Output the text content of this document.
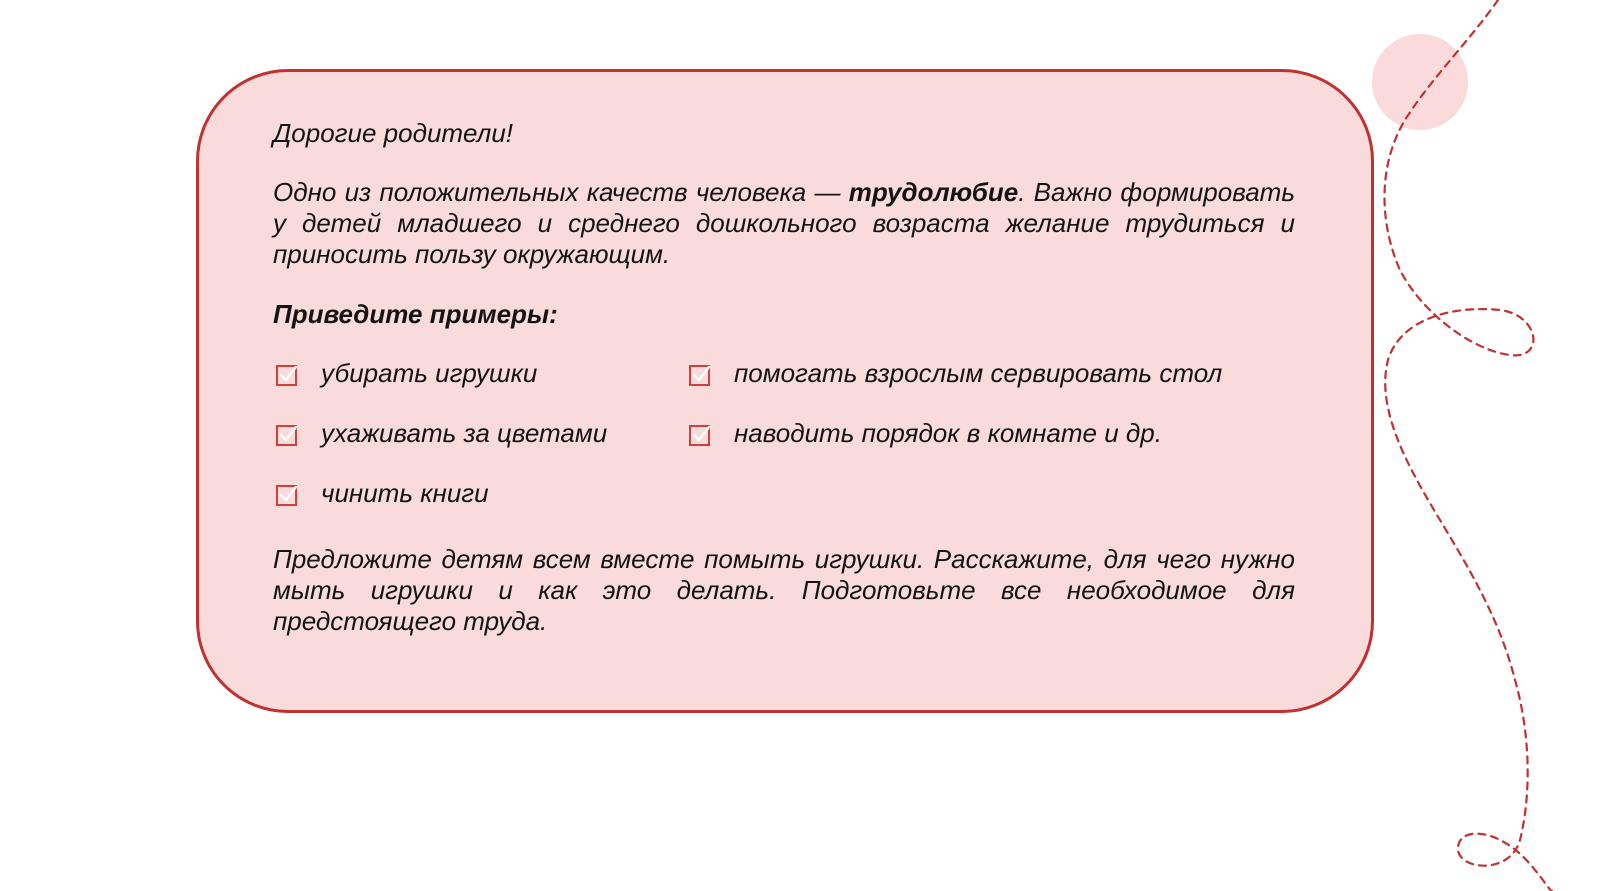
Дорогие родители!

Одно из положительных качеств человека — трудолюбие. Важно формировать у детей младшего и среднего дошкольного возраста желание трудиться и приносить пользу окружающим.

Приведите примеры:

убирать игрушки	помогать взрослым сервировать стол
ухаживать за цветами	наводить порядок в комнате и др.
чинить книги

Предложите детям всем вместе помыть игрушки. Расскажите, для чего нужно мыть игрушки и как это делать. Подготовьте все необходимое для предстоящего труда.
